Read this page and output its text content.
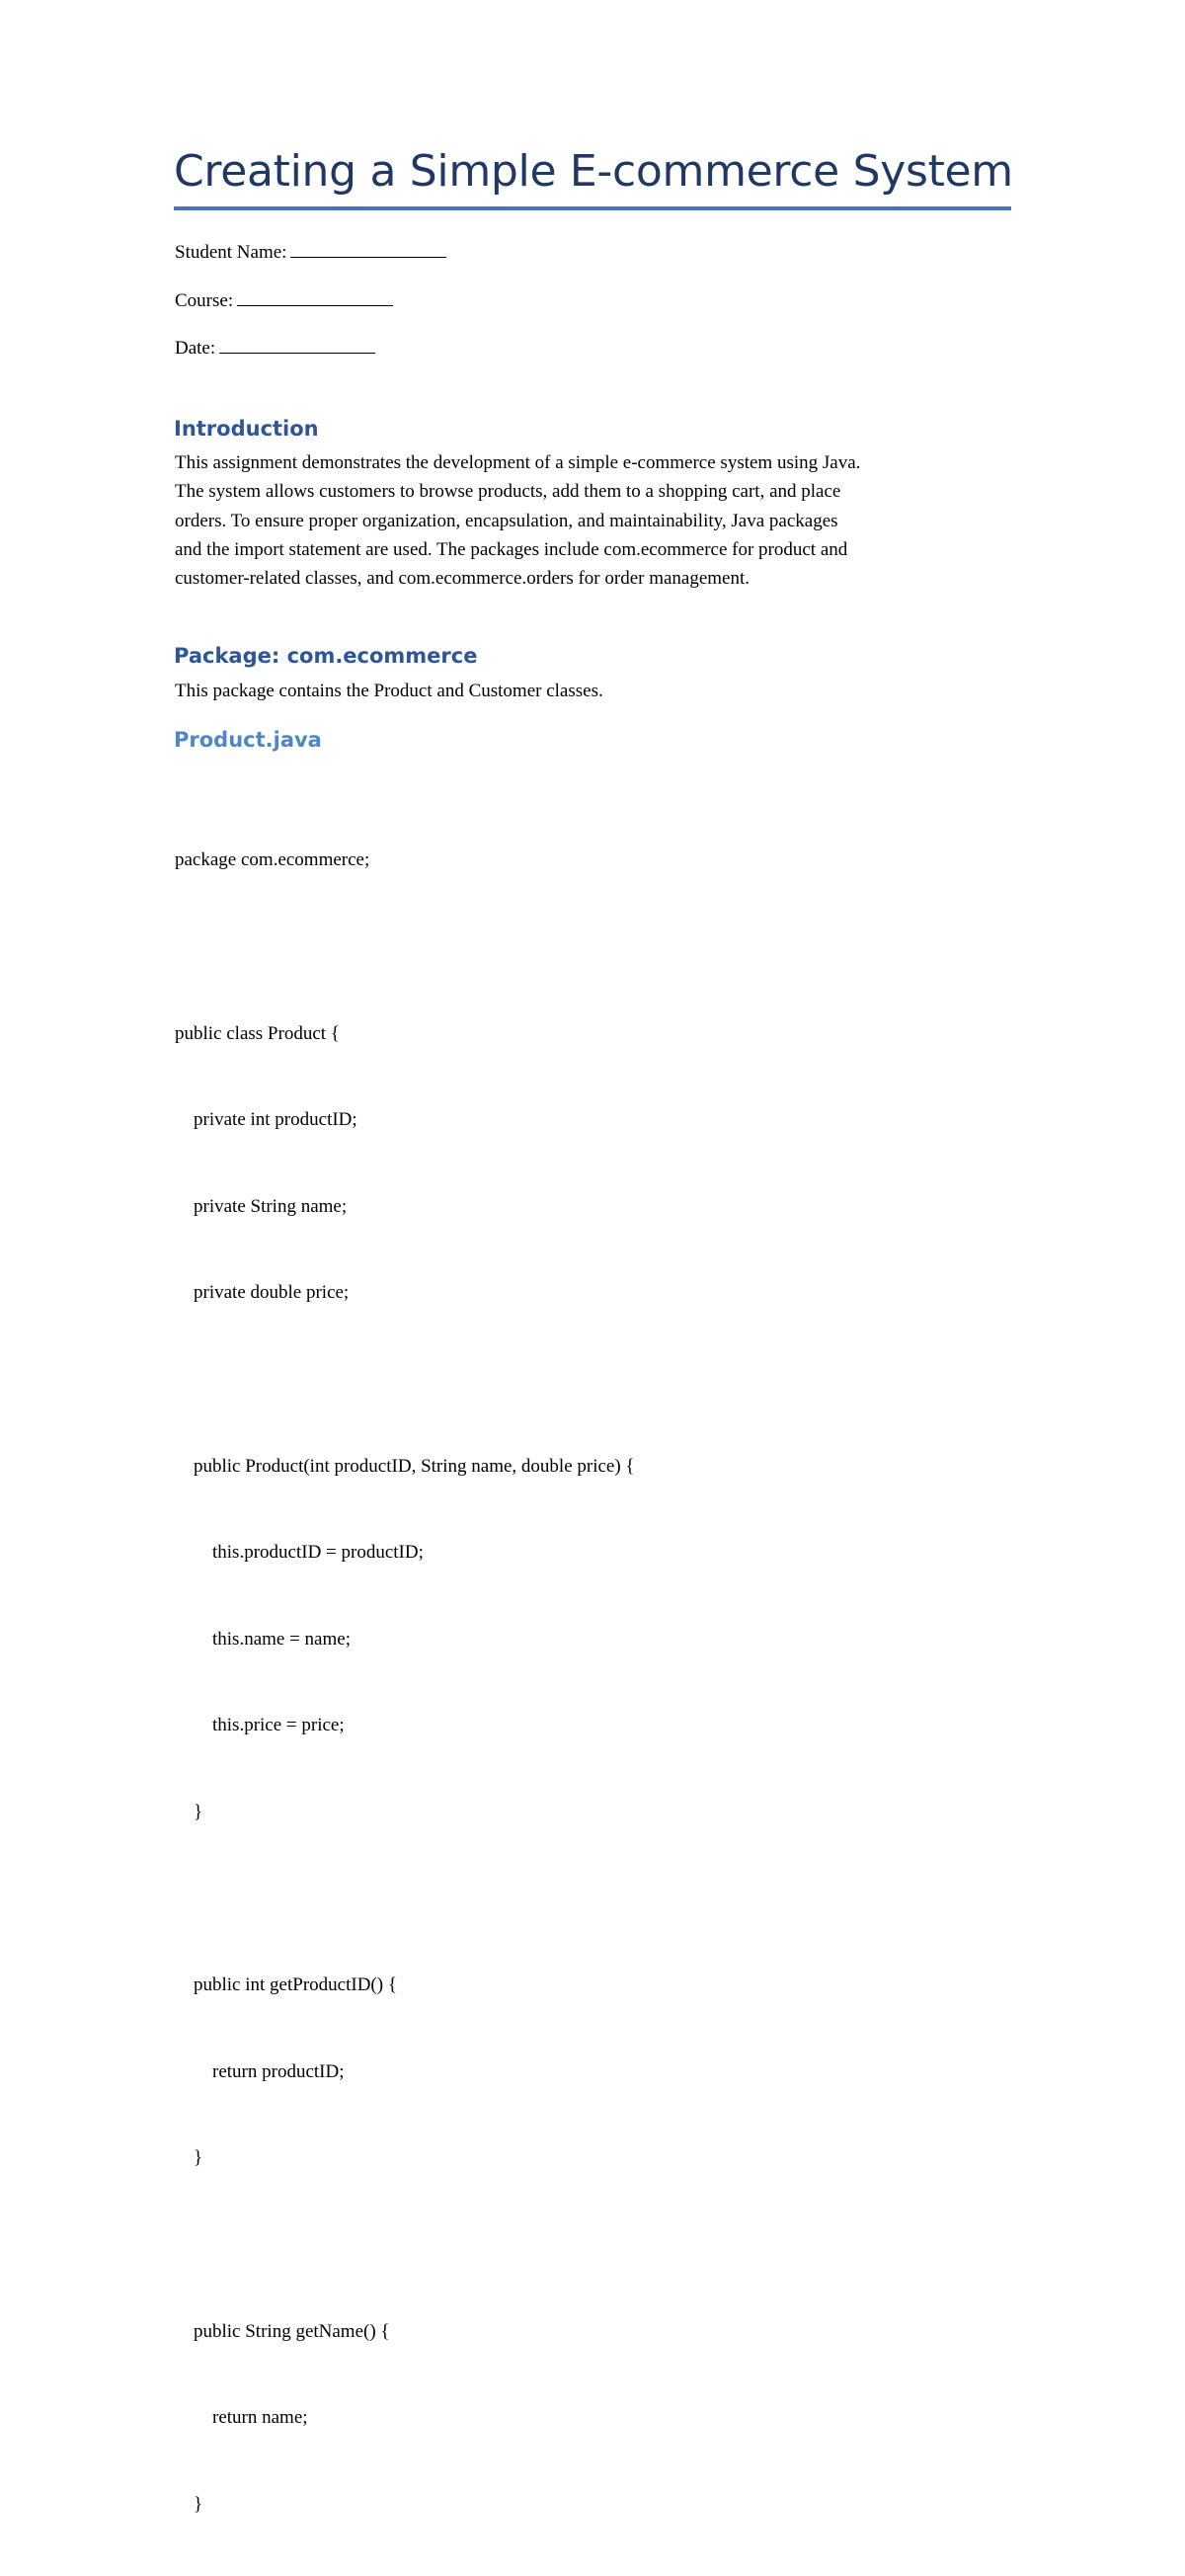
Creating a Simple E-commerce System
Student Name:
Course:
Date:
Introduction
This assignment demonstrates the development of a simple e-commerce system using Java.
The system allows customers to browse products, add them to a shopping cart, and place
orders. To ensure proper organization, encapsulation, and maintainability, Java packages
and the import statement are used. The packages include com.ecommerce for product and
customer-related classes, and com.ecommerce.orders for order management.
Package: com.ecommerce
This package contains the Product and Customer classes.
Product.java

package com.ecommerce;

public class Product {

private int productID;

private String name;

private double price;

public Product(int productID, String name, double price) {

this.productID = productID;

this.name = name;

this.price = price;

}

public int getProductID() {

return productID;

}

public String getName() {

return name;

}
